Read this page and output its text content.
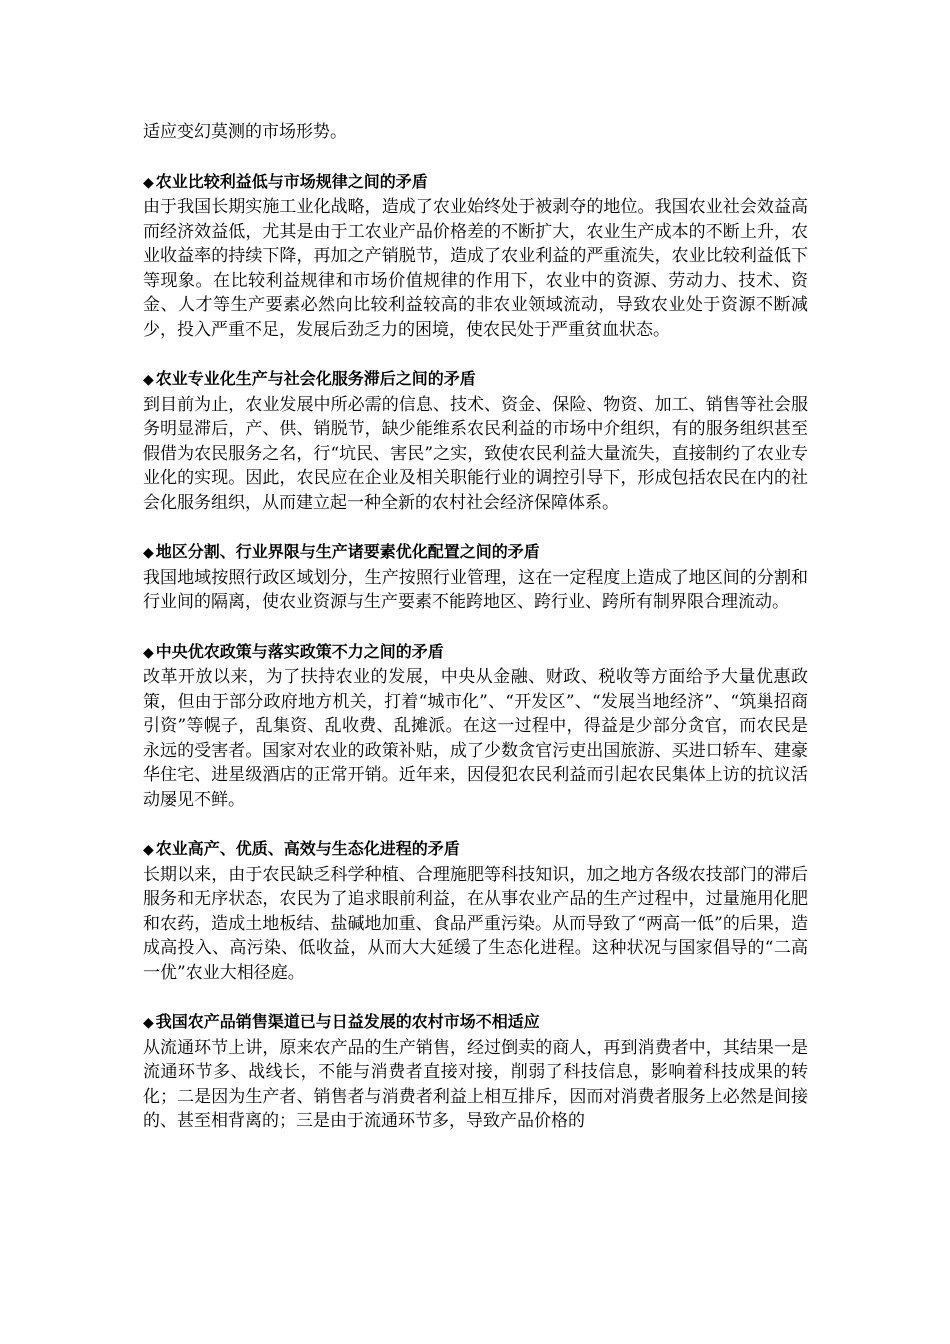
适应变幻莫测的市场形势。

◆ 农业比较利益低与市场规律之间的矛盾

由于我国长期实施工业化战略，造成了农业始终处于被剥夺的地位。我国农业社会效益高而经济效益低，尤其是由于工农业产品价格差的不断扩大，农业生产成本的不断上升，农业收益率的持续下降，再加之产销脱节，造成了农业利益的严重流失，农业比较利益低下等现象。在比较利益规律和市场价值规律的作用下，农业中的资源、劳动力、技术、资金、人才等生产要素必然向比较利益较高的非农业领域流动，导致农业处于资源不断减少，投入严重不足，发展后劲乏力的困境，使农民处于严重贫血状态。

◆ 农业专业化生产与社会化服务滞后之间的矛盾

到目前为止，农业发展中所必需的信息、技术、资金、保险、物资、加工、销售等社会服务明显滞后，产、供、销脱节，缺少能维系农民利益的市场中介组织，有的服务组织甚至假借为农民服务之名，行“坑民、害民”之实，致使农民利益大量流失，直接制约了农业专业化的实现。因此，农民应在企业及相关职能行业的调控引导下，形成包括农民在内的社会化服务组织，从而建立起一种全新的农村社会经济保障体系。

◆ 地区分割、行业界限与生产诸要素优化配置之间的矛盾

我国地域按照行政区域划分，生产按照行业管理，这在一定程度上造成了地区间的分割和行业间的隔离，使农业资源与生产要素不能跨地区、跨行业、跨所有制界限合理流动。

◆ 中央优农政策与落实政策不力之间的矛盾

改革开放以来，为了扶持农业的发展，中央从金融、财政、税收等方面给予大量优惠政策，但由于部分政府地方机关，打着“城市化”、“开发区”、“发展当地经济”、“筑巢招商引资”等幌子，乱集资、乱收费、乱摊派。在这一过程中，得益是少部分贪官，而农民是永远的受害者。国家对农业的政策补贴，成了少数贪官污吏出国旅游、买进口轿车、建豪华住宅、进星级酒店的正常开销。近年来，因侵犯农民利益而引起农民集体上访的抗议活动屡见不鲜。

◆ 农业高产、优质、高效与生态化进程的矛盾

长期以来，由于农民缺乏科学种植、合理施肥等科技知识，加之地方各级农技部门的滞后服务和无序状态，农民为了追求眼前利益，在从事农业产品的生产过程中，过量施用化肥和农药，造成土地板结、盐碱地加重、食品严重污染。从而导致了“两高一低”的后果，造成高投入、高污染、低收益，从而大大延缓了生态化进程。这种状况与国家倡导的“二高一优”农业大相径庭。

◆ 我国农产品销售渠道已与日益发展的农村市场不相适应

从流通环节上讲，原来农产品的生产销售，经过倒卖的商人，再到消费者中，其结果一是流通环节多、战线长，不能与消费者直接对接，削弱了科技信息，影响着科技成果的转化；二是因为生产者、销售者与消费者利益上相互排斥，因而对消费者服务上必然是间接的、甚至相背离的；三是由于流通环节多，导致产品价格的
